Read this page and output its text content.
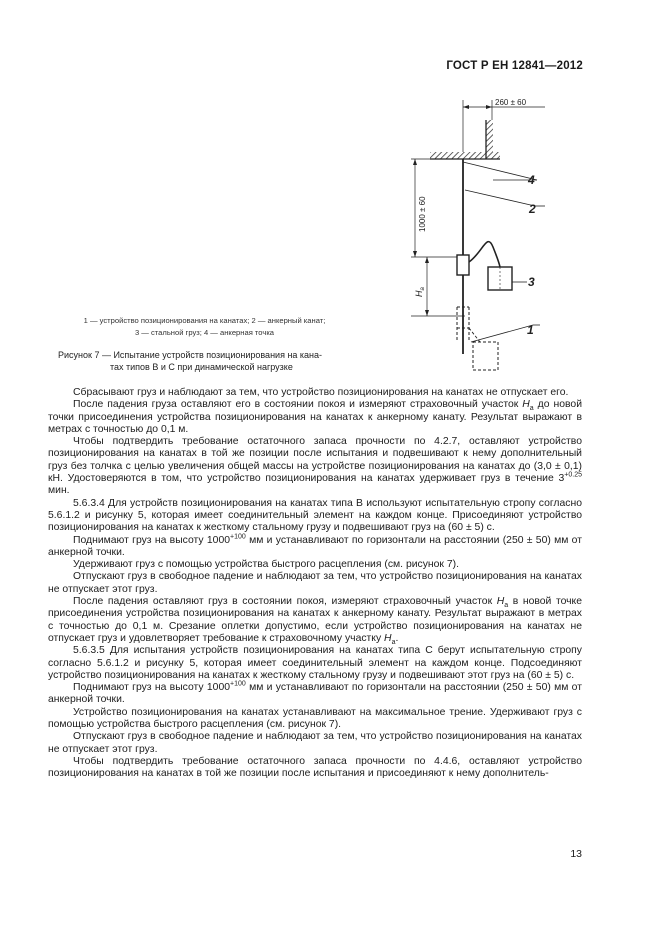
ГОСТ Р ЕН 12841—2012
260 ± 60
1000 ± 60
$Н_а$
4
2
3
1
1 — устройство позиционирования на канатах; 2 — анкерный канат;
3 — стальной груз; 4 — анкерная точка
Рисунок 7 — Испытание устройств позиционирования на кана-
тах типов В и С при динамической нагрузке

Сбрасывают груз и наблюдают за тем, что устройство позиционирования на канатах не отпускает его.

После падения груза оставляют его в состоянии покоя и измеряют страховочный участок $Н_а$ до новой точки присоединения устройства позиционирования на канатах к анкерному канату. Результат выражают в метрах с точностью до 0,1 м.

Чтобы подтвердить требование остаточного запаса прочности по 4.2.7, оставляют устройство позиционирования на канатах в той же позиции после испытания и подвешивают к нему дополнительный груз без толчка с целью увеличения общей массы на устройстве позиционирования на канатах до (3,0 ± 0,1) кН. Удостоверяются в том, что устройство позиционирования на канатах удерживает груз в течение $3^{+0.25}$ мин.

5.6.3.4 Для устройств позиционирования на канатах типа В используют испытательную стропу согласно 5.6.1.2 и рисунку 5, которая имеет соединительный элемент на каждом конце. Присоединяют устройство позиционирования на канатах к жесткому стальному грузу и подвешивают груз на (60 ± 5) с.

Поднимают груз на высоту $1000^{+100}$ мм и устанавливают по горизонтали на расстоянии (250 ± 50) мм от анкерной точки.

Удерживают груз с помощью устройства быстрого расцепления (см. рисунок 7).

Отпускают груз в свободное падение и наблюдают за тем, что устройство позиционирования на канатах не отпускает этот груз.

После падения оставляют груз в состоянии покоя, измеряют страховочный участок $Н_а$ в новой точке присоединения устройства позиционирования на канатах к анкерному канату. Результат выражают в метрах с точностью до 0,1 м. Срезание оплетки допустимо, если устройство позиционирования на канатах не отпускает груз и удовлетворяет требование к страховочному участку $Н_а$.

5.6.3.5 Для испытания устройств позиционирования на канатах типа С берут испытательную стропу согласно 5.6.1.2 и рисунку 5, которая имеет соединительный элемент на каждом конце. Подсоединяют устройство позиционирования на канатах к жесткому стальному грузу и подвешивают этот груз на (60 ± 5) с.

Поднимают груз на высоту $1000^{+100}$ мм и устанавливают по горизонтали на расстоянии (250 ± 50) мм от анкерной точки.

Устройство позиционирования на канатах устанавливают на максимальное трение. Удерживают груз с помощью устройства быстрого расцепления (см. рисунок 7).

Отпускают груз в свободное падение и наблюдают за тем, что устройство позиционирования на канатах не отпускает этот груз.

Чтобы подтвердить требование остаточного запаса прочности по 4.4.6, оставляют устройство позиционирования на канатах в той же позиции после испытания и присоединяют к нему дополнитель-

13
